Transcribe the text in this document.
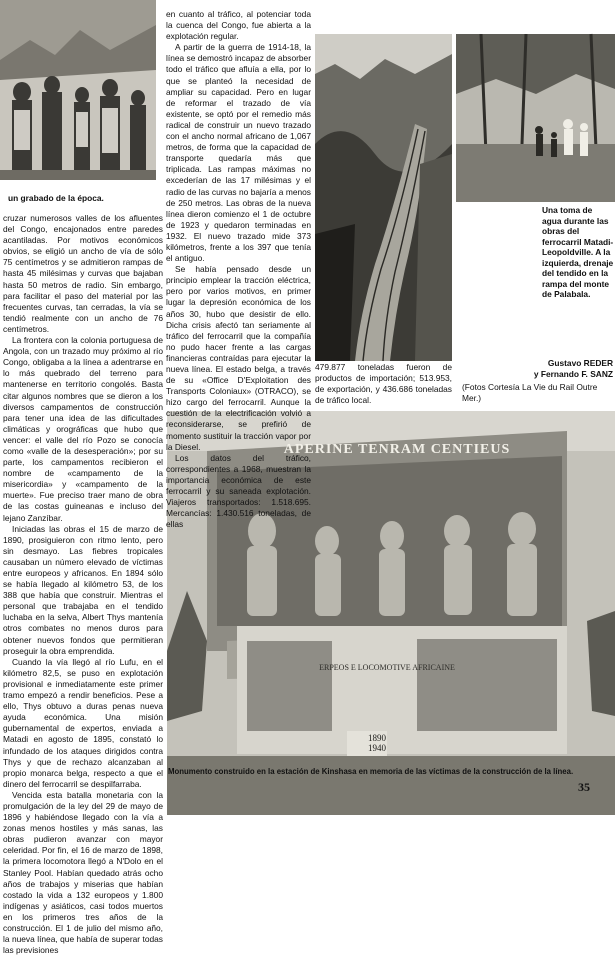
APERINE TENRAM CENTIEUS
ERPEOS E LOCOMOTIVE AFRICAINE
1890
1940
un grabado de la época.
Una toma de agua durante las obras del ferrocarril Matadi-Leopoldville. A la izquierda, drenaje del tendido en la rampa del monte de Palabala.
Monumento construido en la estación de Kinshasa en memoria de las víctimas de la construcción de la línea.

cruzar numerosos valles de los afluentes del Congo, encajonados entre paredes acantiladas. Por motivos económicos obvios, se eligió un ancho de vía de sólo 75 centímetros y se admitieron rampas de hasta 45 milésimas y curvas que bajaban hasta 50 metros de radio. Sin embargo, para facilitar el paso del material por las frecuentes curvas, tan cerradas, la vía se tendió realmente con un ancho de 76 centímetros.

La frontera con la colonia portuguesa de Angola, con un trazado muy próximo al río Congo, obligaba a la línea a adentrarse en lo más quebrado del terreno para mantenerse en territorio congolés. Basta citar algunos nombres que se dieron a los diversos campamentos de construcción para tener una idea de las dificultades climáticas y orográficas que hubo que vencer: el valle del río Pozo se conocía como «valle de la desesperación»; por su parte, los campamentos recibieron el nombre de «campamento de la misericordia» y «campamento de la muerte». Fue preciso traer mano de obra de las costas guineanas e incluso del lejano Zanzíbar.

Iniciadas las obras el 15 de marzo de 1890, prosiguieron con ritmo lento, pero sin desmayo. Las fiebres tropicales causaban un número elevado de víctimas entre europeos y africanos. En 1894 sólo se había llegado al kilómetro 53, de los 388 que había que construir. Mientras el personal que trabajaba en el tendido luchaba en la selva, Albert Thys mantenía otros combates no menos duros para obtener nuevos fondos que permitieran proseguir la obra emprendida.

Cuando la vía llegó al río Lufu, en el kilómetro 82,5, se puso en explotación provisional e inmediatamente este primer tramo empezó a rendir beneficios. Pese a ello, Thys obtuvo a duras penas nueva ayuda económica. Una misión gubernamental de expertos, enviada a Matadi en agosto de 1895, constató lo infundado de los ataques dirigidos contra Thys y que de rechazo alcanzaban al propio monarca belga, respecto a que el dinero del ferrocarril se despilfarraba.

Vencida esta batalla monetaria con la promulgación de la ley del 29 de mayo de 1896 y habiéndose llegado con la vía a zonas menos hostiles y más sanas, las obras pudieron avanzar con mayor celeridad. Por fin, el 16 de marzo de 1898, la primera locomotora llegó a N'Dolo en el Stanley Pool. Habían quedado atrás ocho años de trabajos y miserias que habían costado la vida a 132 europeos y 1.800 indígenas y asiáticos, casi todos muertos en los primeros tres años de la construcción. El 1 de julio del mismo año, la nueva línea, que había de superar todas las previsiones

en cuanto al tráfico, al potenciar toda la cuenca del Congo, fue abierta a la explotación regular.

A partir de la guerra de 1914-18, la línea se demostró incapaz de absorber todo el tráfico que afluía a ella, por lo que se planteó la necesidad de ampliar su capacidad. Pero en lugar de reformar el trazado de vía existente, se optó por el remedio más radical de construir un nuevo trazado con el ancho normal africano de 1,067 metros, de forma que la capacidad de transporte quedaría más que triplicada. Las rampas máximas no excederían de las 17 milésimas y el radio de las curvas no bajaría a menos de 250 metros. Las obras de la nueva línea dieron comienzo el 1 de octubre de 1923 y quedaron terminadas en 1932. El nuevo trazado mide 373 kilómetros, frente a los 397 que tenía el antiguo.

Se había pensado desde un principio emplear la tracción eléctrica, pero por varios motivos, en primer lugar la depresión económica de los años 30, hubo que desistir de ello. Dicha crisis afectó tan seriamente al tráfico del ferrocarril que la compañía no pudo hacer frente a las cargas financieras contraídas para ejecutar la nueva línea. El estado belga, a través de su «Office D'Exploitation des Transports Coloniaux» (OTRACO), se hizo cargo del ferrocarril. Aunque la cuestión de la electrificación volvió a reconsiderarse, se prefirió de momento sustituir la tracción vapor por la Diesel.

Los datos del tráfico, correspondientes a 1968, muestran la importancia económica de este ferrocarril y su saneada explotación. Viajeros transportados: 1.518.695. Mercancías: 1.430.516 toneladas, de ellas

479.877 toneladas fueron de productos de importación; 513.953, de exportación, y 436.686 toneladas de tráfico local.

Gustavo REDER
y Fernando F. SANZ
(Fotos Cortesía La Vie du Rail Outre Mer.)
35
